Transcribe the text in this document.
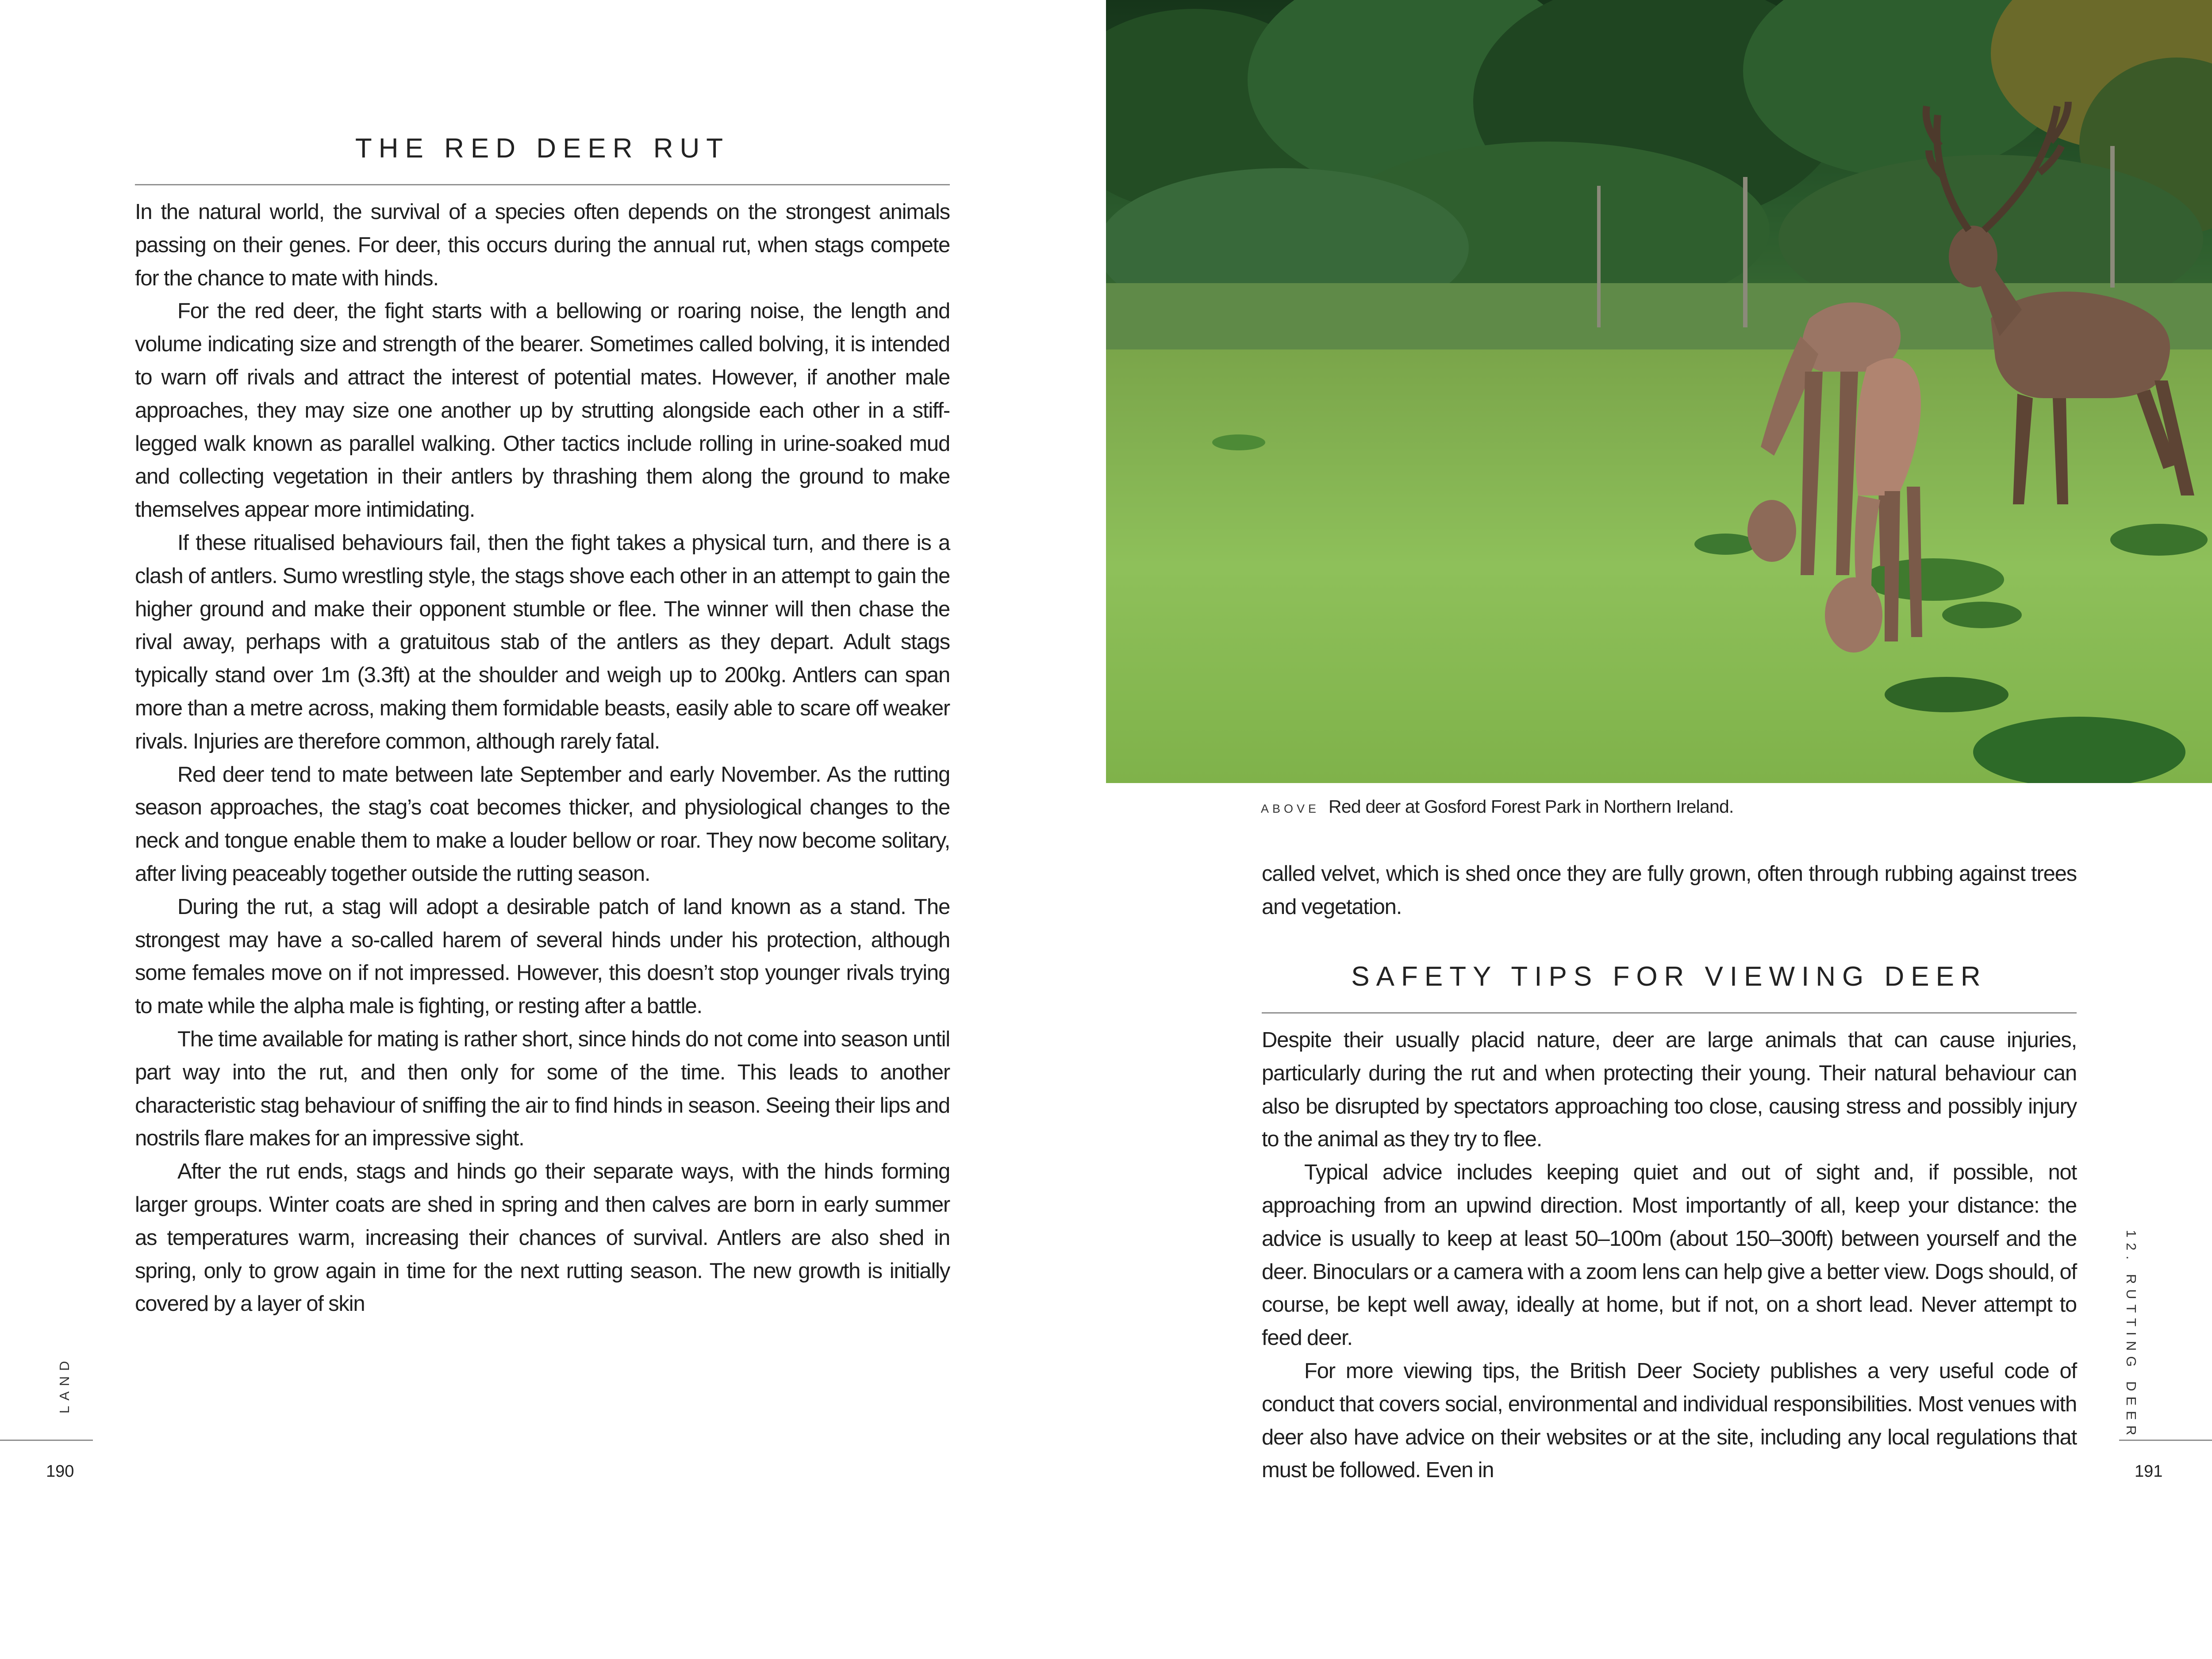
THE RED DEER RUT

In the natural world, the survival of a species often depends on the strongest animals passing on their genes. For deer, this occurs during the annual rut, when stags compete for the chance to mate with hinds.

For the red deer, the fight starts with a bellowing or roaring noise, the length and volume indicating size and strength of the bearer. Sometimes called bolving, it is intended to warn off rivals and attract the interest of potential mates. However, if another male approaches, they may size one another up by strutting alongside each other in a stiff-legged walk known as parallel walking. Other tactics include rolling in urine-soaked mud and collecting vegetation in their antlers by thrashing them along the ground to make themselves appear more intimidating.

If these ritualised behaviours fail, then the fight takes a physical turn, and there is a clash of antlers. Sumo wrestling style, the stags shove each other in an attempt to gain the higher ground and make their opponent stumble or flee. The winner will then chase the rival away, perhaps with a gratuitous stab of the antlers as they depart. Adult stags typically stand over 1m (3.3ft) at the shoulder and weigh up to 200kg. Antlers can span more than a metre across, making them formidable beasts, easily able to scare off weaker rivals. Injuries are therefore common, although rarely fatal.

Red deer tend to mate between late September and early November. As the rutting season approaches, the stag’s coat becomes thicker, and physiological changes to the neck and tongue enable them to make a louder bellow or roar. They now become solitary, after living peaceably together outside the rutting season.

During the rut, a stag will adopt a desirable patch of land known as a stand. The strongest may have a so-called harem of several hinds under his protection, although some females move on if not impressed. However, this doesn’t stop younger rivals trying to mate while the alpha male is fighting, or resting after a battle.

The time available for mating is rather short, since hinds do not come into season until part way into the rut, and then only for some of the time. This leads to another characteristic stag behaviour of sniffing the air to find hinds in season. Seeing their lips and nostrils flare makes for an impressive sight.

After the rut ends, stags and hinds go their separate ways, with the hinds forming larger groups. Winter coats are shed in spring and then calves are born in early summer as temperatures warm, increasing their chances of survival. Antlers are also shed in spring, only to grow again in time for the next rutting season. The new growth is initially covered by a layer of skin

LAND
190
ABOVE Red deer at Gosford Forest Park in Northern Ireland.

called velvet, which is shed once they are fully grown, often through rubbing against trees and vegetation.

SAFETY TIPS FOR VIEWING DEER

Despite their usually placid nature, deer are large animals that can cause injuries, particularly during the rut and when protecting their young. Their natural behaviour can also be disrupted by spectators approaching too close, causing stress and possibly injury to the animal as they try to flee.

Typical advice includes keeping quiet and out of sight and, if possible, not approaching from an upwind direction. Most importantly of all, keep your distance: the advice is usually to keep at least 50–100m (about 150–300ft) between yourself and the deer. Binoculars or a camera with a zoom lens can help give a better view. Dogs should, of course, be kept well away, ideally at home, but if not, on a short lead. Never attempt to feed deer.

For more viewing tips, the British Deer Society publishes a very useful code of conduct that covers social, environmental and individual responsibilities. Most venues with deer also have advice on their websites or at the site, including any local regulations that must be followed. Even in

12. RUTTING DEER
191
